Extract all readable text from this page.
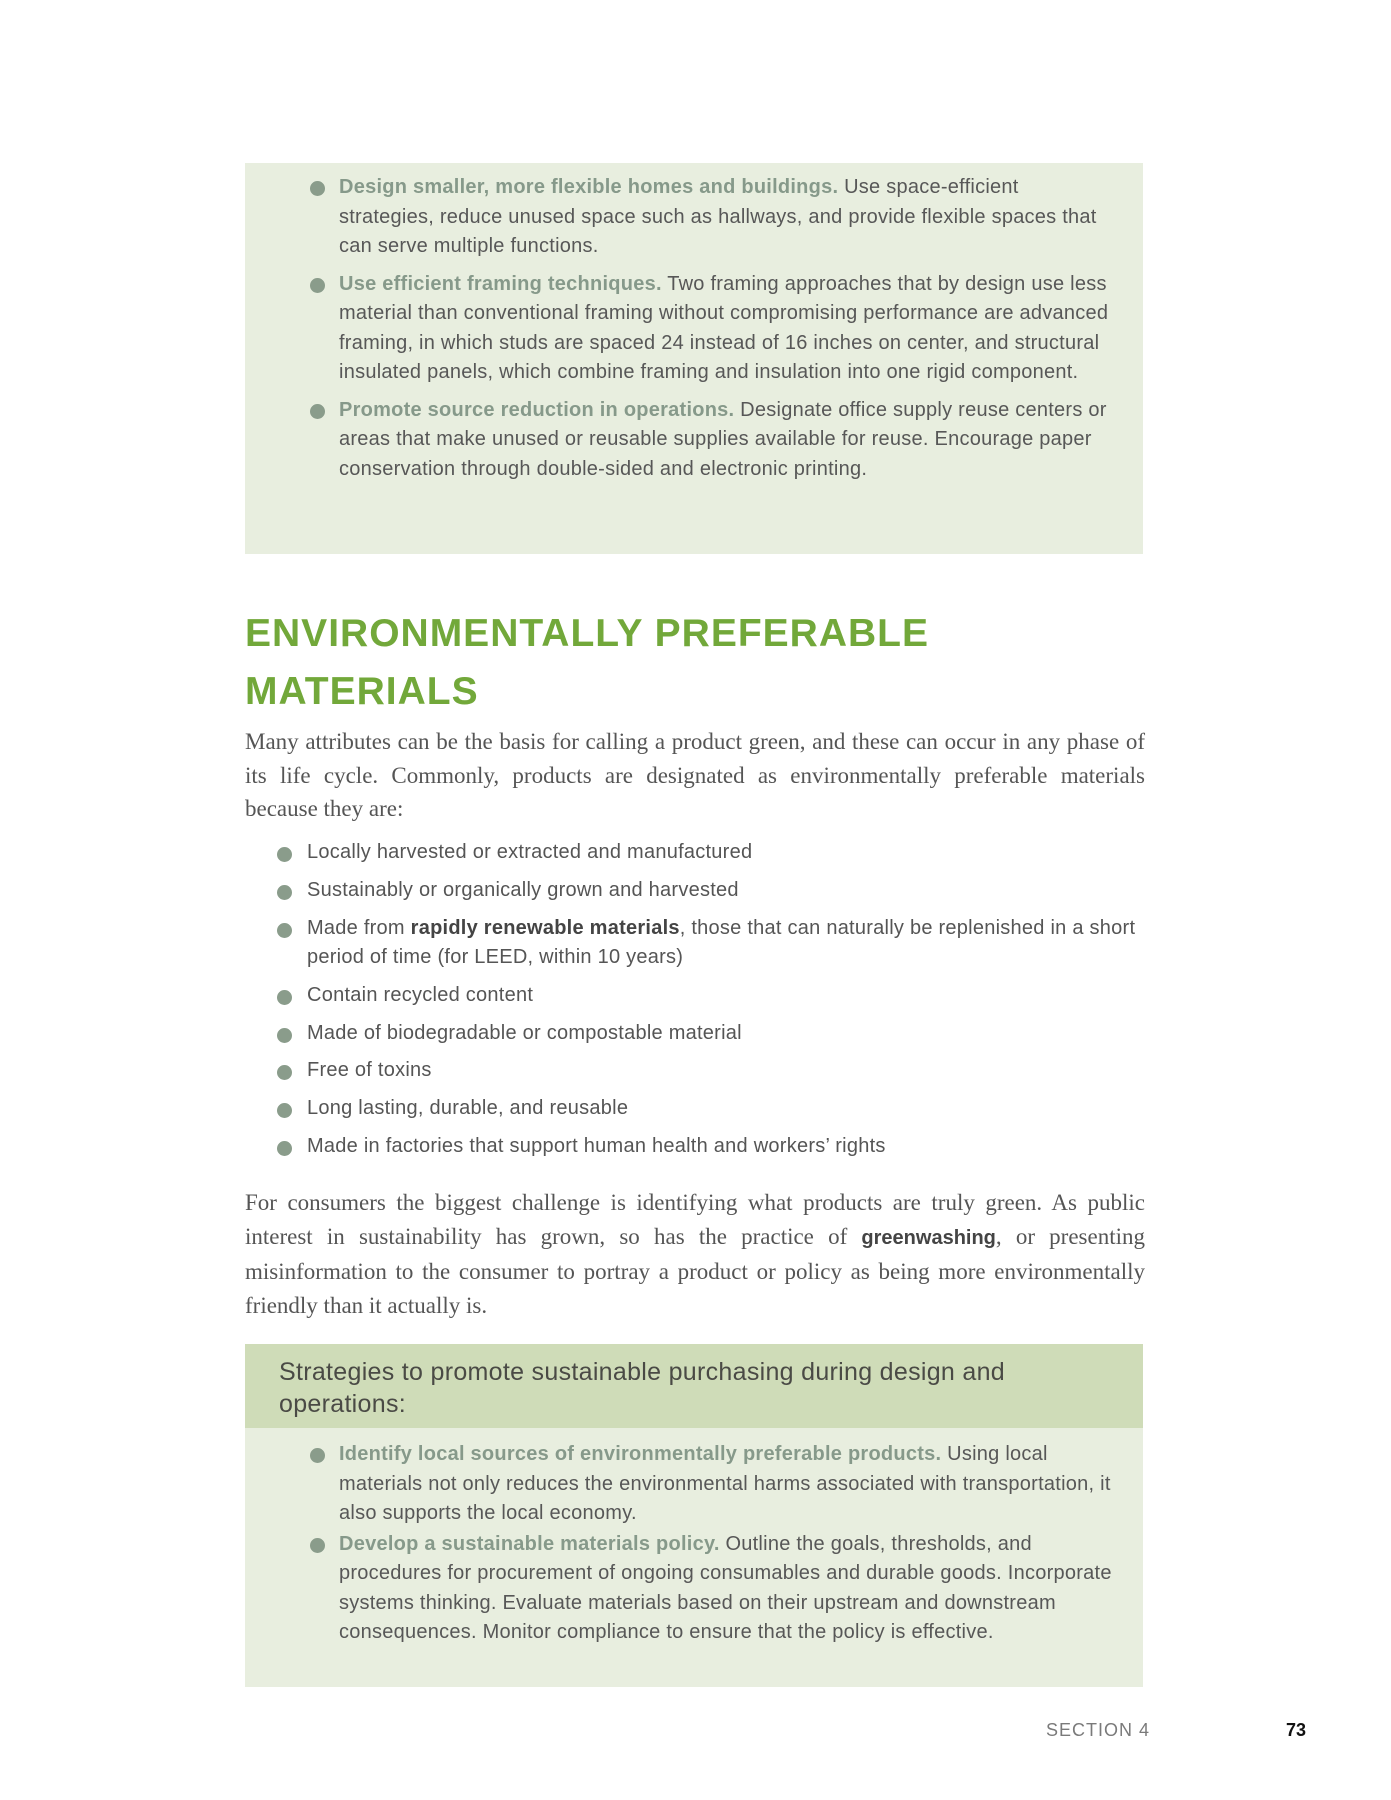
Design smaller, more flexible homes and buildings. Use space-efficient strategies, reduce unused space such as hallways, and provide flexible spaces that can serve multiple functions.
Use efficient framing techniques. Two framing approaches that by design use less material than conventional framing without compromising performance are advanced framing, in which studs are spaced 24 instead of 16 inches on center, and structural insulated panels, which combine framing and insulation into one rigid component.
Promote source reduction in operations. Designate office supply reuse centers or areas that make unused or reusable supplies available for reuse. Encourage paper conservation through double-sided and electronic printing.
ENVIRONMENTALLY PREFERABLE
MATERIALS

Many attributes can be the basis for calling a product green, and these can occur in any phase of its life cycle. Commonly, products are designated as environmentally preferable materials because they are:

Locally harvested or extracted and manufactured
Sustainably or organically grown and harvested
Made from rapidly renewable materials, those that can naturally be replenished in a short period of time (for LEED, within 10 years)
Contain recycled content
Made of biodegradable or compostable material
Free of toxins
Long lasting, durable, and reusable
Made in factories that support human health and workers’ rights

For consumers the biggest challenge is identifying what products are truly green. As public interest in sustainability has grown, so has the practice of greenwashing, or presenting misinformation to the consumer to portray a product or policy as being more environmentally friendly than it actually is.

Strategies to promote sustainable purchasing during design and operations:
Identify local sources of environmentally preferable products. Using local materials not only reduces the environmental harms associated with transportation, it also supports the local economy.
Develop a sustainable materials policy. Outline the goals, thresholds, and procedures for procurement of ongoing consumables and durable goods. Incorporate systems thinking. Evaluate materials based on their upstream and downstream consequences. Monitor compliance to ensure that the policy is effective.
SECTION 4	73
